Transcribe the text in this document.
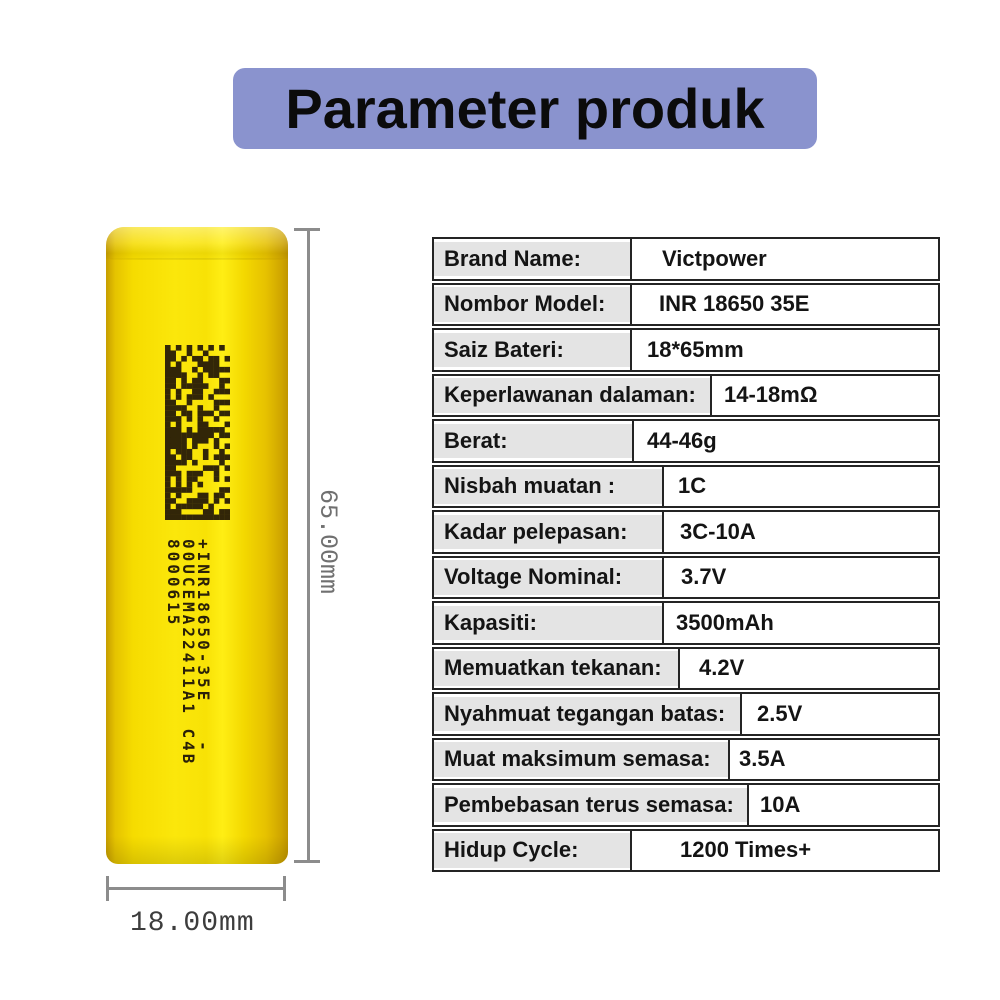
Parameter produk
+INR18650-35E   -
00UCEMA22411A1 C4B
8000615	65.00mm
18.00mm
Brand Name:	Victpower
Nombor Model:	INR 18650 35E
Saiz Bateri:	18*65mm
Keperlawanan dalaman:	14-18mΩ
Berat:	44-46g
Nisbah muatan :	1C
Kadar pelepasan:	3C-10A
Voltage Nominal:	3.7V
Kapasiti:	3500mAh
Memuatkan tekanan:	4.2V
Nyahmuat tegangan batas:	2.5V
Muat maksimum semasa:	3.5A
Pembebasan terus semasa:	10A
Hidup Cycle:	1200 Times+
